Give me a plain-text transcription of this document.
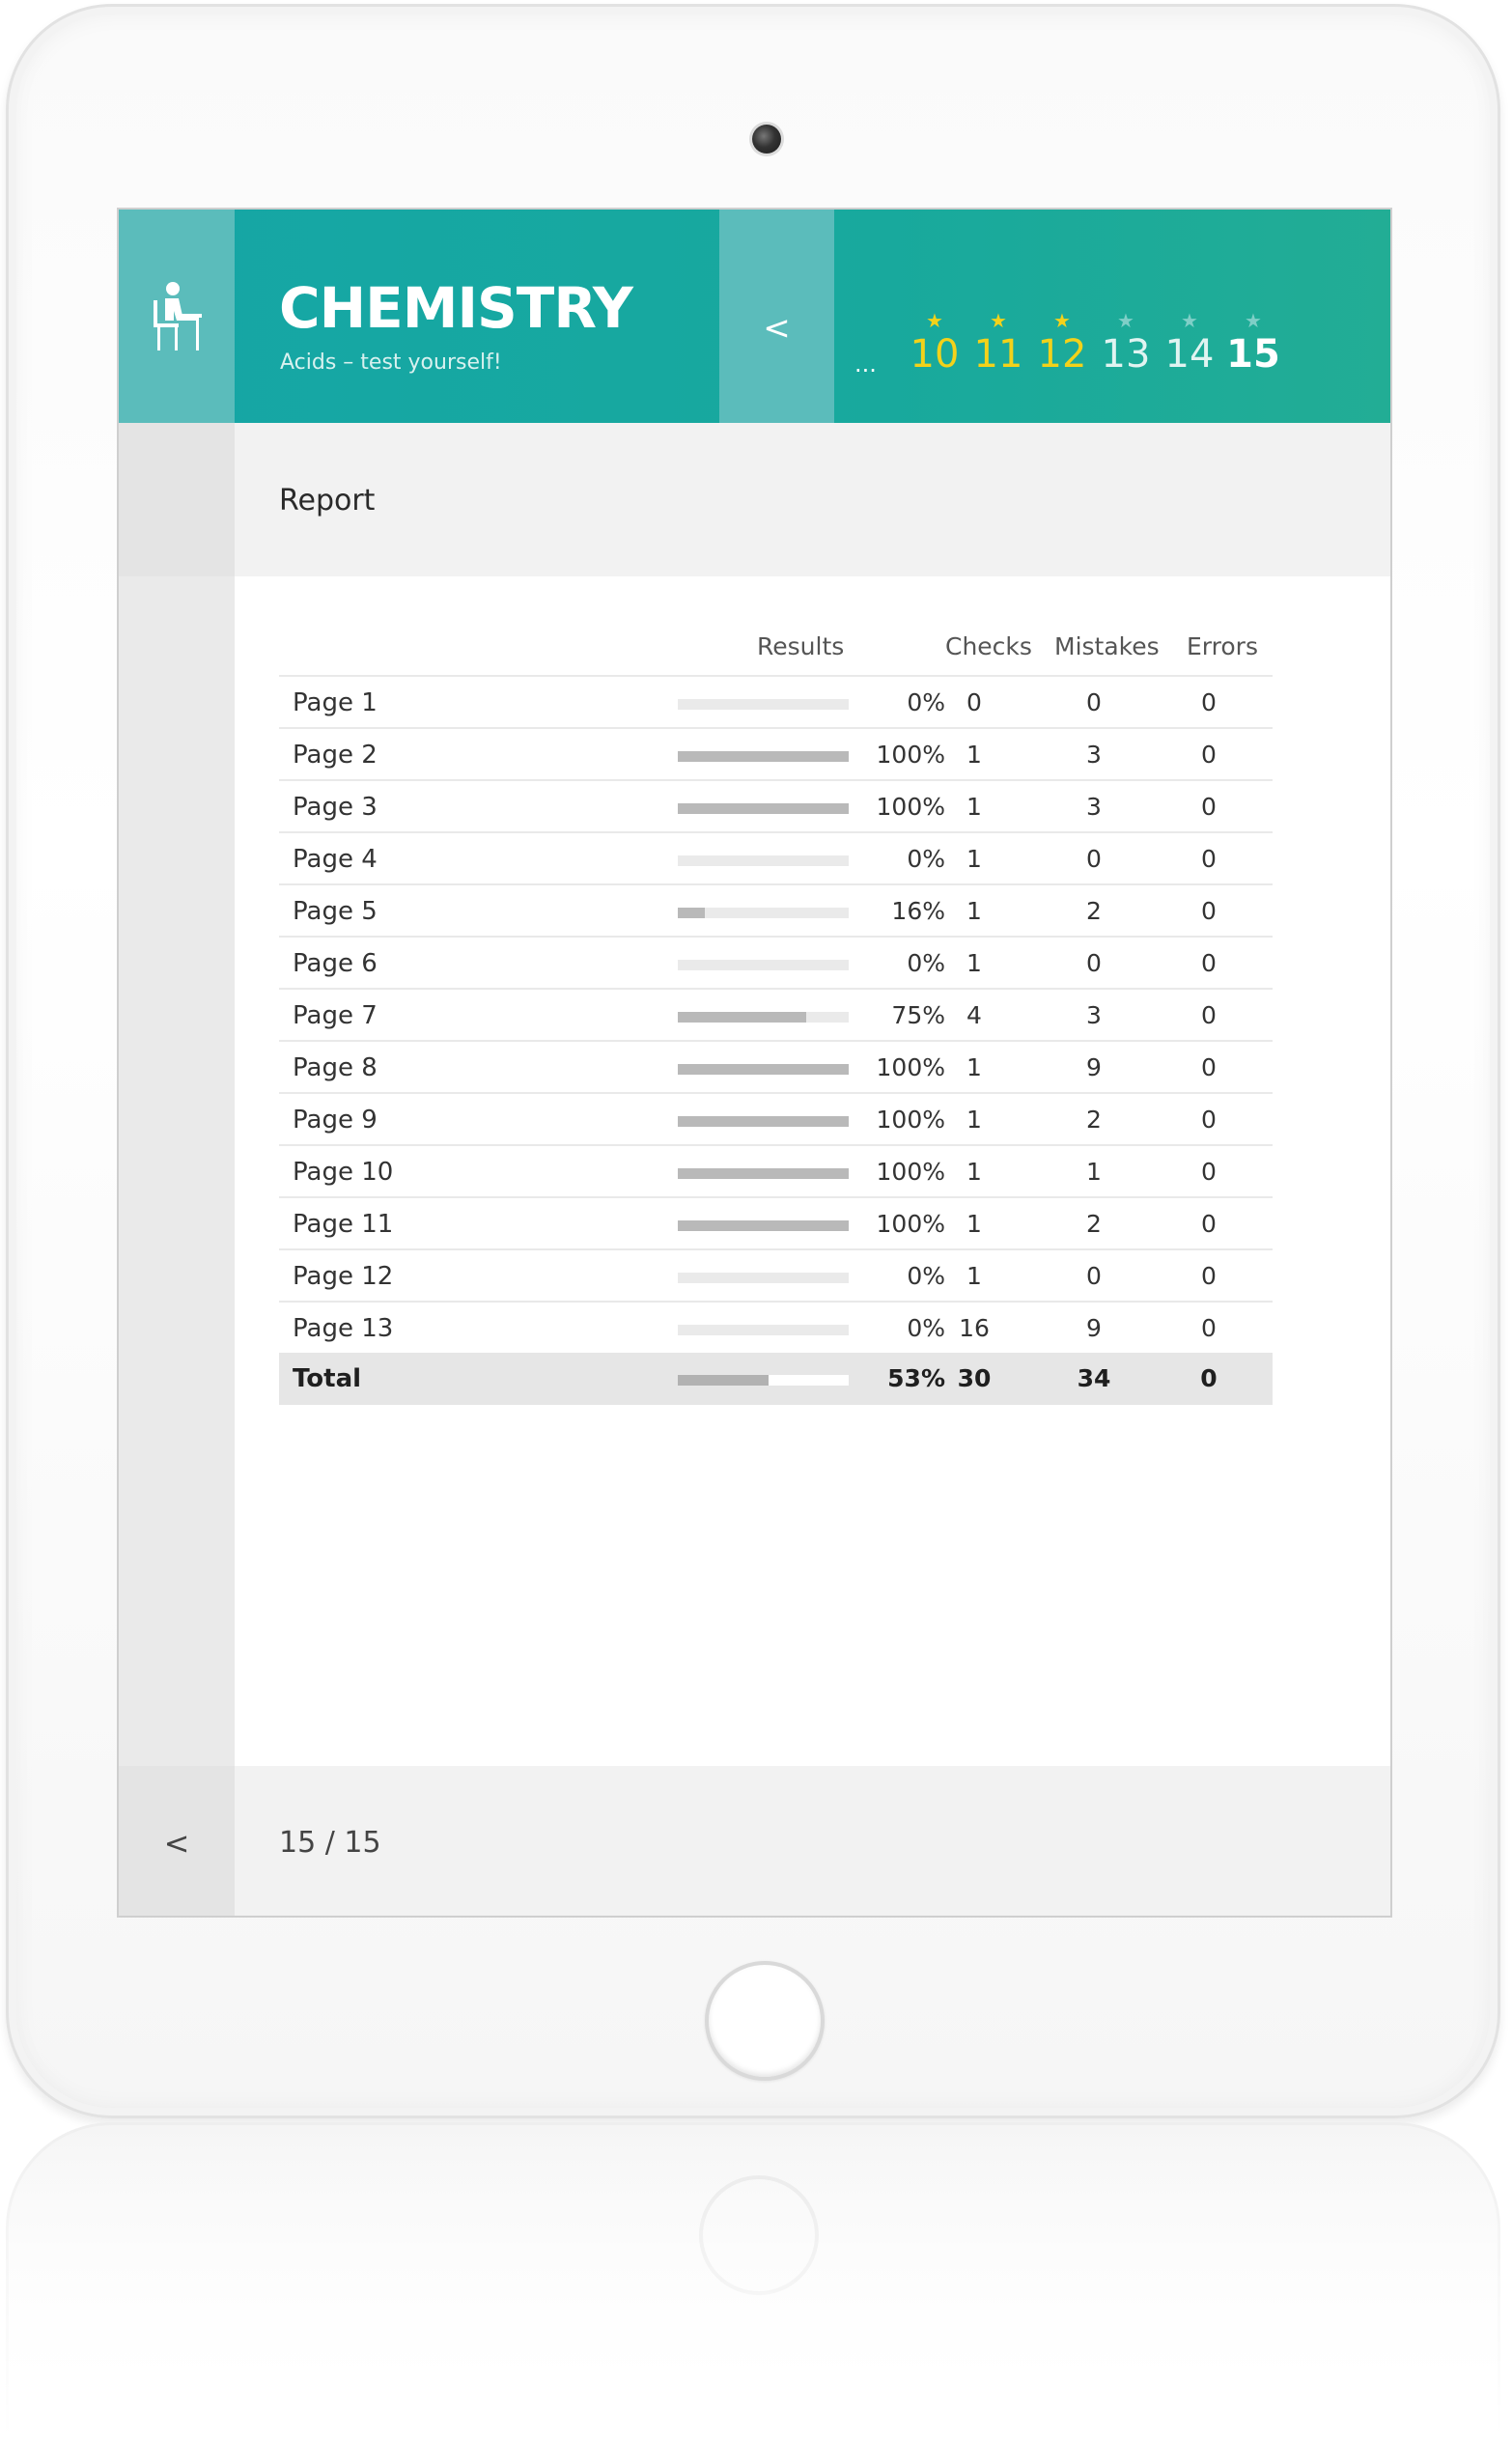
CHEMISTRY
Acids – test yourself!
<
...
★
10
★
11
★
12
★
13
★
14
★
15
Report
Results	Checks Mistakes Errors
Page 1	0% 0	0	0
Page 2	100% 1	3	0
Page 3	100% 1	3	0
Page 4	0% 1	0	0
Page 5	16% 1	2	0
Page 6	0% 1	0	0
Page 7	75% 4	3	0
Page 8	100% 1	9	0
Page 9	100% 1	2	0
Page 10	100% 1	1	0
Page 11	100% 1	2	0
Page 12	0% 1	0	0
Page 13	0% 16	9	0
Total	53% 30	34	0
<	15 / 15
